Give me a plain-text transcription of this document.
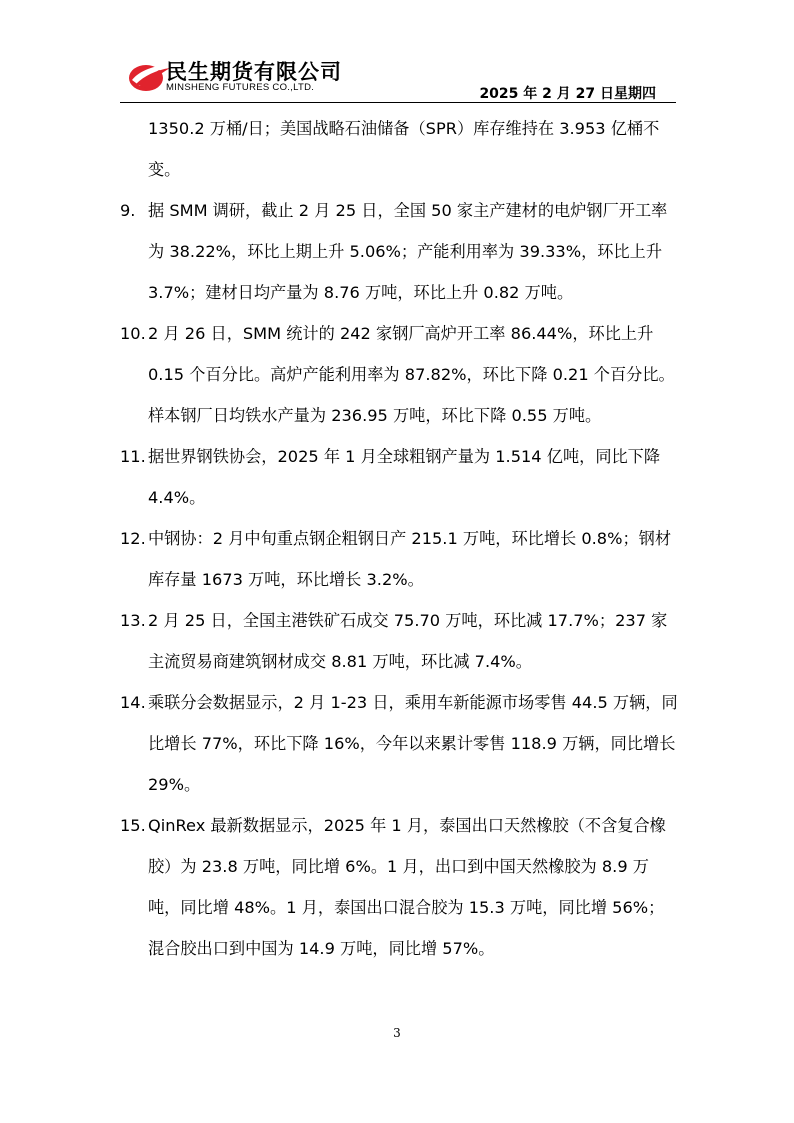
民生期货有限公司
MINSHENG FUTURES CO.,LTD.	2025 年 2 月 27 日星期四
1350.2 万桶/日；美国战略石油储备（SPR）库存维持在 3.953 亿桶不变。
9. 据 SMM 调研，截止 2 月 25 日，全国 50 家主产建材的电炉钢厂开工率为 38.22%，环比上期上升 5.06%；产能利用率为 39.33%，环比上升 3.7%；建材日均产量为 8.76 万吨，环比上升 0.82 万吨。
10. 2 月 26 日，SMM 统计的 242 家钢厂高炉开工率 86.44%，环比上升 0.15 个百分比。高炉产能利用率为 87.82%，环比下降 0.21 个百分比。样本钢厂日均铁水产量为 236.95 万吨，环比下降 0.55 万吨。
11. 据世界钢铁协会，2025 年 1 月全球粗钢产量为 1.514 亿吨，同比下降 4.4%。
12. 中钢协：2 月中旬重点钢企粗钢日产 215.1 万吨，环比增长 0.8%；钢材库存量 1673 万吨，环比增长 3.2%。
13. 2 月 25 日，全国主港铁矿石成交 75.70 万吨，环比减 17.7%；237 家主流贸易商建筑钢材成交 8.81 万吨，环比减 7.4%。
14. 乘联分会数据显示，2 月 1-23 日，乘用车新能源市场零售 44.5 万辆，同比增长 77%，环比下降 16%，今年以来累计零售 118.9 万辆，同比增长 29%。
15. QinRex 最新数据显示，2025 年 1 月，泰国出口天然橡胶（不含复合橡胶）为 23.8 万吨，同比增 6%。1 月，出口到中国天然橡胶为 8.9 万吨，同比增 48%。1 月，泰国出口混合胶为 15.3 万吨，同比增 56%；混合胶出口到中国为 14.9 万吨，同比增 57%。
3
